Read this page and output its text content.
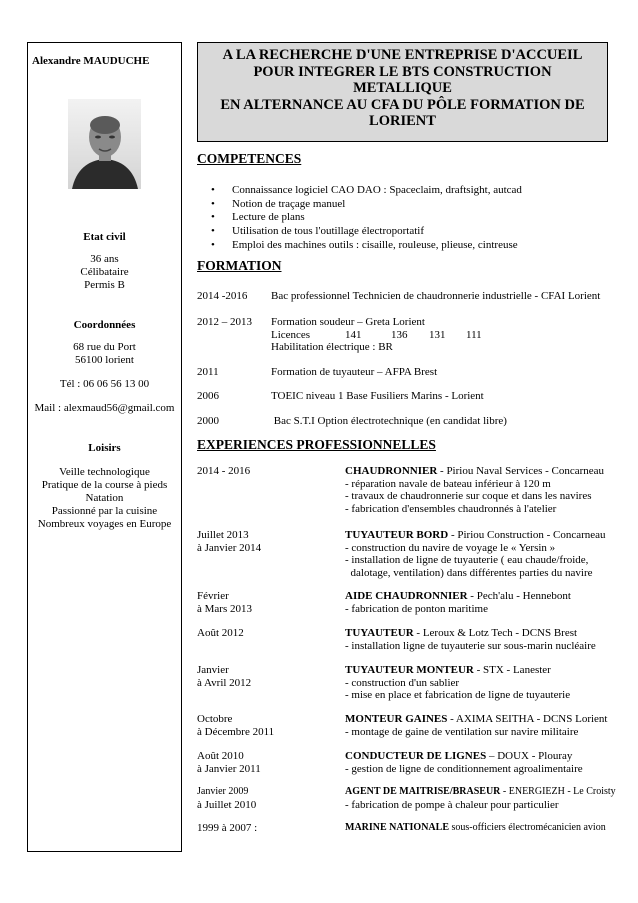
Alexandre MAUDUCHE
Etat civil
36 ans
Célibataire
Permis B
Coordonnées
68 rue du Port
56100 lorient
Tél : 06 06 56 13 00
Mail : alexmaud56@gmail.com
Loisirs
Veille technologique
Pratique de la course à pieds
Natation
Passionné par la cuisine
Nombreux voyages en Europe
A LA RECHERCHE D'UNE ENTREPRISE D'ACCUEIL
POUR INTEGRER LE BTS CONSTRUCTION
METALLIQUE
EN ALTERNANCE AU CFA DU PÔLE FORMATION DE
LORIENT
COMPETENCES
• Connaissance logiciel CAO DAO : Spaceclaim, draftsight, autcad
• Notion de traçage manuel
• Lecture de plans
• Utilisation de tous l'outillage électroportatif
• Emploi des machines outils : cisaille, rouleuse, plieuse, cintreuse
FORMATION
2014 -2016 Bac professionnel Technicien de chaudronnerie industrielle - CFAI Lorient
2012 – 2013 Formation soudeur – Greta Lorient
Licences	141	136 131 111
Habilitation électrique : BR
2011	Formation de tuyauteur – AFPA Brest
2006	TOEIC niveau 1 Base Fusiliers Marins - Lorient
2000	Bac S.T.I Option électrotechnique (en candidat libre)
EXPERIENCES PROFESSIONNELLES
2014 - 2016	CHAUDRONNIER - Piriou Naval Services - Concarneau
- réparation navale de bateau inférieur à 120 m
- travaux de chaudronnerie sur coque et dans les navires
- fabrication d'ensembles chaudronnés à l'atelier
Juillet 2013
à Janvier 2014
TUYAUTEUR BORD - Piriou Construction - Concarneau
- construction du navire de voyage le « Yersin »
- installation de ligne de tuyauterie ( eau chaude/froide,
dalotage, ventilation) dans différentes parties du navire
Février
à Mars 2013
AIDE CHAUDRONNIER - Pech'alu - Hennebont
- fabrication de ponton maritime
Août 2012	TUYAUTEUR - Leroux & Lotz Tech - DCNS Brest
- installation ligne de tuyauterie sur sous-marin nucléaire
Janvier
à Avril 2012
TUYAUTEUR MONTEUR - STX - Lanester
- construction d'un sablier
- mise en place et fabrication de ligne de tuyauterie
Octobre
à Décembre 2011
MONTEUR GAINES - AXIMA SEITHA - DCNS Lorient
- montage de gaine de ventilation sur navire militaire
Août 2010
à Janvier 2011
CONDUCTEUR DE LIGNES – DOUX - Plouray
- gestion de ligne de conditionnement agroalimentaire
Janvier 2009
à Juillet 2010
AGENT DE MAITRISE/BRASEUR - ENERGIEZH - Le Croisty
- fabrication de pompe à chaleur pour particulier
1999 à 2007 :	MARINE NATIONALE sous-officiers électromécanicien avion
